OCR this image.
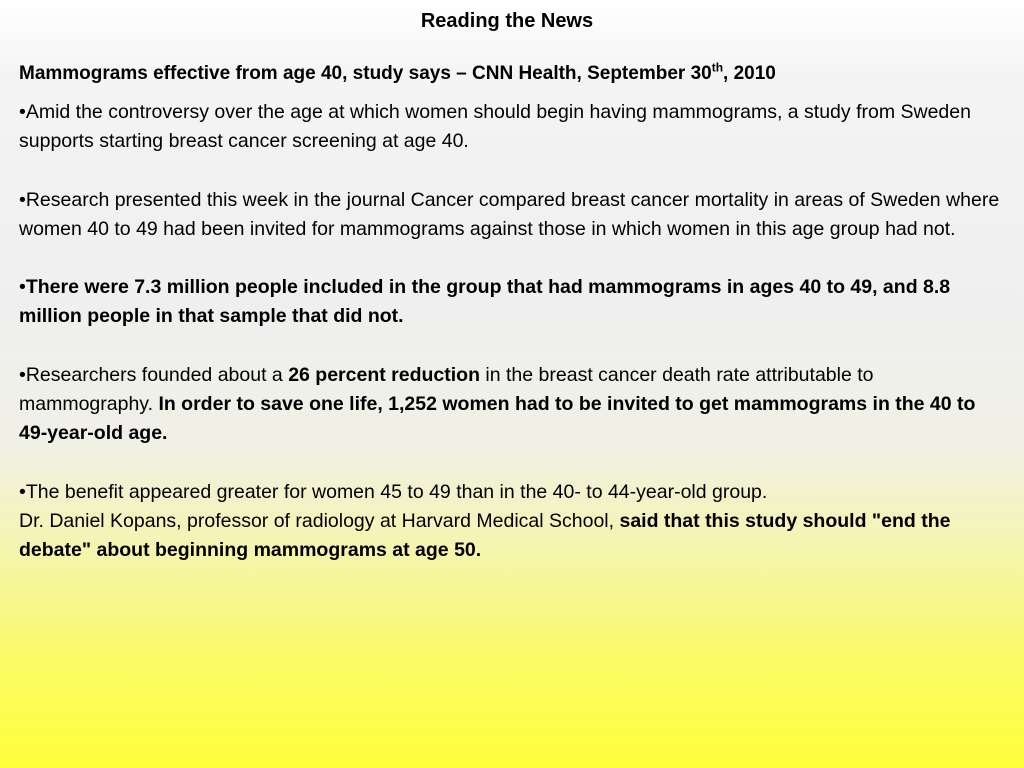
Reading the News
Mammograms effective from age 40, study says – CNN Health, September 30th, 2010

•Amid the controversy over the age at which women should begin having mammograms, a study from Sweden supports starting breast cancer screening at age 40.

•Research presented this week in the journal Cancer compared breast cancer mortality in areas of Sweden where women 40 to 49 had been invited for mammograms against those in which women in this age group had not.

•There were 7.3 million people included in the group that had mammograms in ages 40 to 49, and 8.8 million people in that sample that did not.

•Researchers founded about a 26 percent reduction in the breast cancer death rate attributable to mammography. In order to save one life, 1,252 women had to be invited to get mammograms in the 40 to 49-year-old age.

•The benefit appeared greater for women 45 to 49 than in the 40- to 44-year-old group.
Dr. Daniel Kopans, professor of radiology at Harvard Medical School, said that this study should "end the debate" about beginning mammograms at age 50.
